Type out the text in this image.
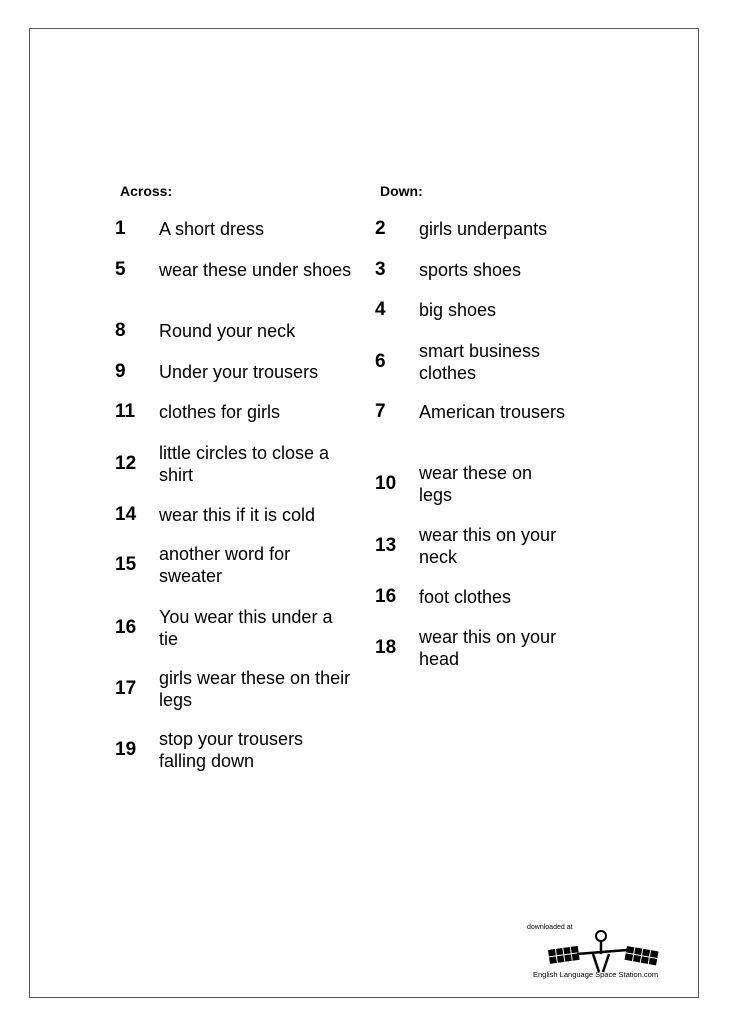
Across:	Down:
1	A short dress
5	wear these under shoes
8	Round your neck
9	Under your trousers
11	clothes for girls
12	little circles to close a shirt
14	wear this if it is cold
15	another word for sweater
16	You wear this under a tie
17	girls wear these on their legs
19	stop your trousers falling down
2	girls underpants
3	sports shoes
4	big shoes
6	smart business clothes
7	American trousers
10	wear these on legs
13	wear this on your neck
16	foot clothes
18	wear this on your head
downloaded at
English Language Space Station.com
